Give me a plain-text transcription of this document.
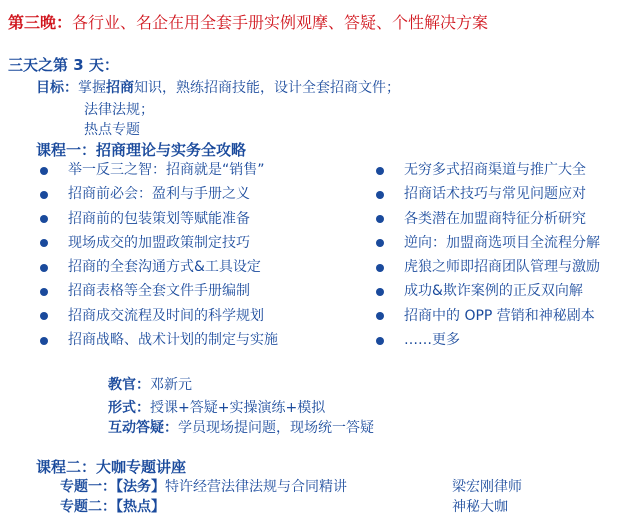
第三晚：各行业、名企在用全套手册实例观摩、答疑、个性解决方案
三天之第 3 天：
目标：掌握招商知识，熟练招商技能，设计全套招商文件；
法律法规；
热点专题
课程一：招商理论与实务全攻略
举一反三之智：招商就是“销售”
招商前必会：盈利与手册之义
招商前的包装策划等赋能准备
现场成交的加盟政策制定技巧
招商的全套沟通方式&工具设定
招商表格等全套文件手册编制
招商成交流程及时间的科学规划
招商战略、战术计划的制定与实施
无穷多式招商渠道与推广大全
招商话术技巧与常见问题应对
各类潜在加盟商特征分析研究
逆向：加盟商选项目全流程分解
虎狼之师即招商团队管理与激励
成功&欺诈案例的正反双向解
招商中的 OPP 营销和神秘剧本
……更多
教官：邓新元
形式：授课+答疑+实操演练+模拟
互动答疑：学员现场提问题，现场统一答疑
课程二：大咖专题讲座
专题一：【法务】特许经营法律法规与合同精讲	梁宏刚律师
专题二：【热点】	神秘大咖
